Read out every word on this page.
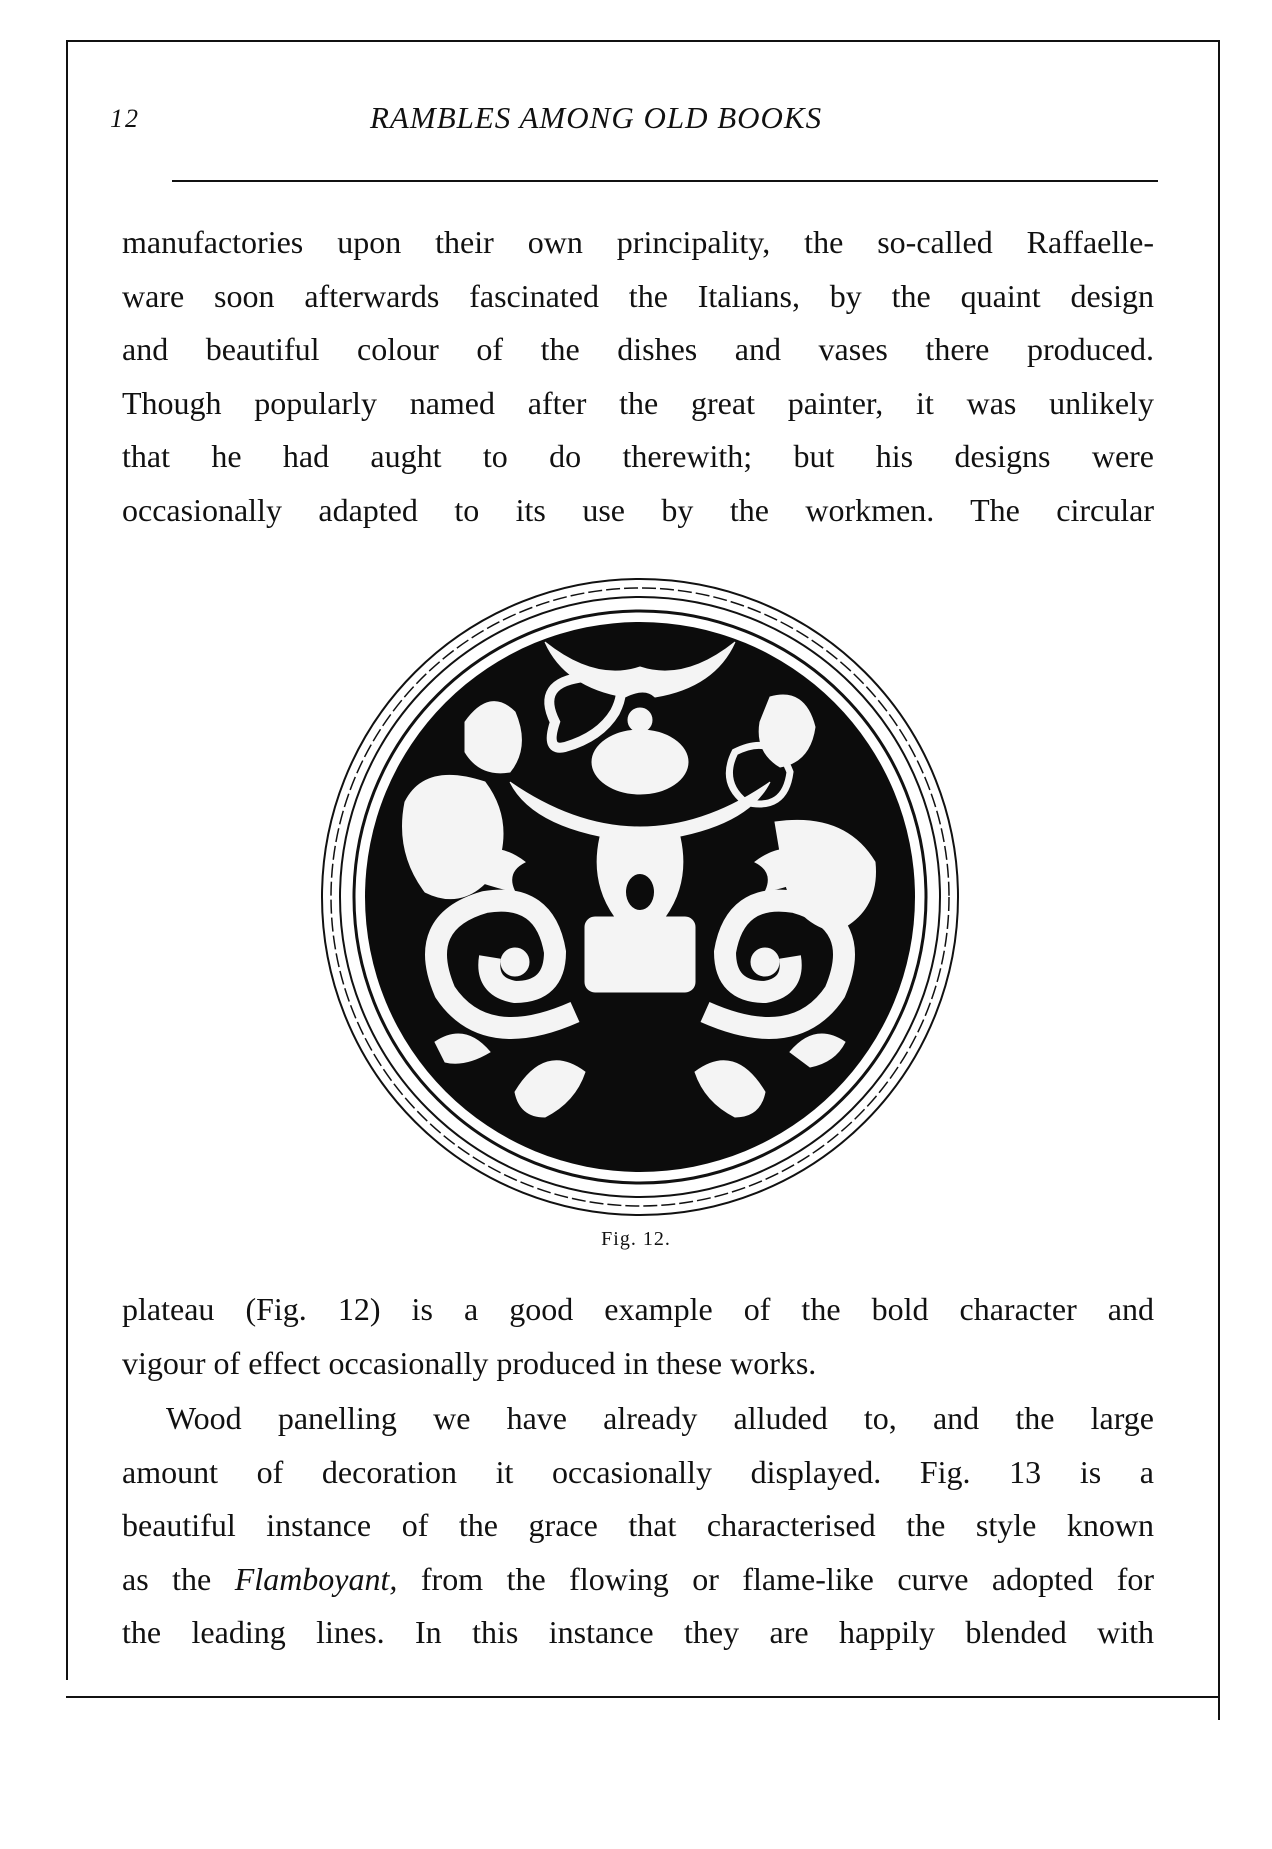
12	RAMBLES AMONG OLD BOOKS
manufactories upon their own principality, the so-called Raffaelle-
ware soon afterwards fascinated the Italians, by the quaint design
and beautiful colour of the dishes and vases there produced.
Though popularly named after the great painter, it was unlikely
that he had aught to do therewith; but his designs were
occasionally adapted to its use by the workmen. The circular
Fig. 12.
plateau (Fig. 12) is a good example of the bold character and
vigour of effect occasionally produced in these works.
Wood panelling we have already alluded to, and the large
amount of decoration it occasionally displayed. Fig. 13 is a
beautiful instance of the grace that characterised the style known
as the Flamboyant, from the flowing or flame-like curve adopted for
the leading lines. In this instance they are happily blended with
